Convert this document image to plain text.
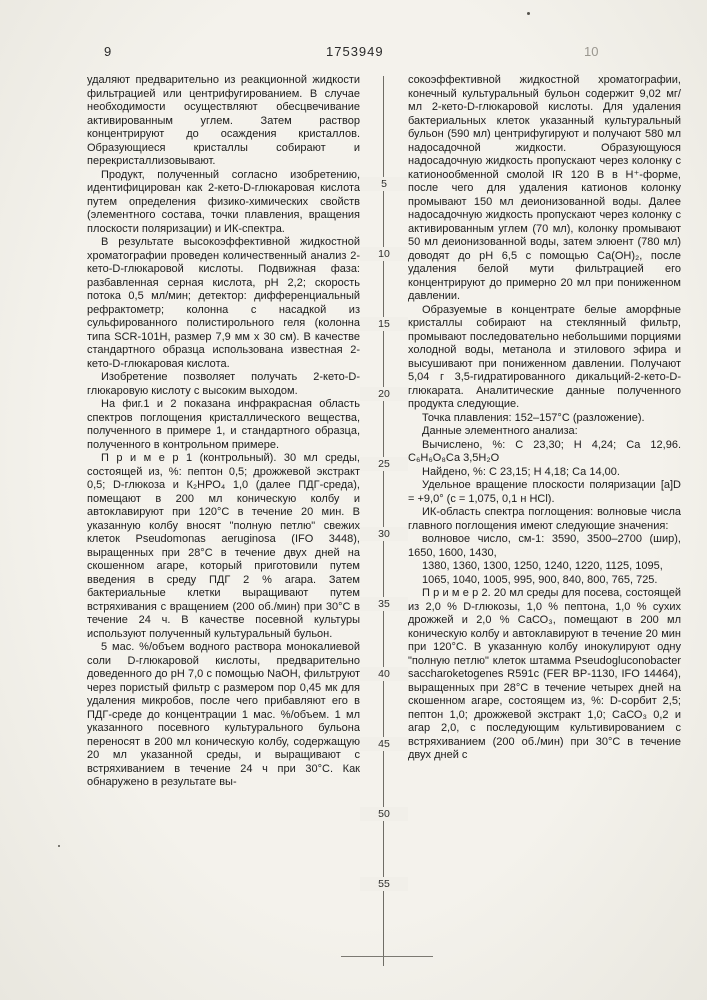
9	1753949	10

удаляют предварительно из реакционной жидкости фильтрацией или центрифугированием. В случае необходимости осуществляют обесцвечивание активированным углем. Затем раствор концентрируют до осаждения кристаллов. Образующиеся кристаллы собирают и перекристаллизовывают.

Продукт, полученный согласно изобретению, идентифицирован как 2-кето-D-глюкаровая кислота путем определения физико-химических свойств (элементного состава, точки плавления, вращения плоскости поляризации) и ИК-спектра.

В результате высокоэффективной жидкостной хроматографии проведен количественный анализ 2-кето-D-глюкаровой кислоты. Подвижная фаза: разбавленная серная кислота, рН 2,2; скорость потока 0,5 мл/мин; детектор: дифференциальный рефрактометр; колонна с насадкой из сульфированного полистирольного геля (колонна типа SCR-101Н, размер 7,9 мм х 30 см). В качестве стандартного образца использована известная 2-кето-D-глюкаровая кислота.

Изобретение позволяет получать 2-кето-D-глюкаровую кислоту с высоким выходом.

На фиг.1 и 2 показана инфракрасная область спектров поглощения кристаллического вещества, полученного в примере 1, и стандартного образца, полученного в контрольном примере.

П р и м е р 1 (контрольный). 30 мл среды, состоящей из, %: пептон 0,5; дрожжевой экстракт 0,5; D-глюкоза и К₂НРО₄ 1,0 (далее ПДГ-среда), помещают в 200 мл коническую колбу и автоклавируют при 120°С в течение 20 мин. В указанную колбу вносят "полную петлю" свежих клеток Pseudomonas aeruginosa (IFO 3448), выращенных при 28°С в течение двух дней на скошенном агаре, который приготовили путем введения в среду ПДГ 2 % агара. Затем бактериальные клетки выращивают путем встряхивания с вращением (200 об./мин) при 30°С в течение 24 ч. В качестве посевной культуры используют полученный культуральный бульон.

5 мас. %/объем водного раствора монокалиевой соли D-глюкаровой кислоты, предварительно доведенного до рН 7,0 с помощью NaOH, фильтруют через пористый фильтр с размером пор 0,45 мк для удаления микробов, после чего прибавляют его в ПДГ-среде до концентрации 1 мас. %/объем. 1 мл указанного посевного культурального бульона переносят в 200 мл коническую колбу, содержащую 20 мл указанной среды, и выращивают с встряхиванием в течение 24 ч при 30°С. Как обнаружено в результате вы-

5
10
15
20
25
30
35
40
45
50
55

сокоэффективной жидкостной хроматографии, конечный культуральный бульон содержит 9,02 мг/мл 2-кето-D-глюкаровой кислоты. Для удаления бактериальных клеток указанный культуральный бульон (590 мл) центрифугируют и получают 580 мл надосадочной жидкости. Образующуюся надосадочную жидкость пропускают через колонку с катионообменной смолой IR 120 В в Н⁺-форме, после чего для удаления катионов колонку промывают 150 мл деионизованной воды. Далее надосадочную жидкость пропускают через колонку с активированным углем (70 мл), колонку промывают 50 мл деионизованной воды, затем элюент (780 мл) доводят до рН 6,5 с помощью Са(ОН)₂, после удаления белой мути фильтрацией его концентрируют до примерно 20 мл при пониженном давлении.

Образуемые в концентрате белые аморфные кристаллы собирают на стеклянный фильтр, промывают последовательно небольшими порциями холодной воды, метанола и этилового эфира и высушивают при пониженном давлении. Получают 5,04 г 3,5-гидратированного дикальций-2-кето-D-глюкарата. Аналитические данные полученного продукта следующие.

Точка плавления: 152–157°С (разложение).

Данные элементного анализа:

Вычислено, %: С 23,30; Н 4,24; Са 12,96. С₆Н₆О₈Са 3,5Н₂О

Найдено, %: С 23,15; Н 4,18; Са 14,00.

Удельное вращение плоскости поляризации [а]D = +9,0° (с = 1,075, 0,1 н НСl).

ИК-область спектра поглощения: волновые числа главного поглощения имеют следующие значения:

волновое число, см-1: 3590, 3500–2700 (шир), 1650, 1600, 1430,

1380, 1360, 1300, 1250, 1240, 1220, 1125, 1095,

1065, 1040, 1005, 995, 900, 840, 800, 765, 725.

П р и м е р 2. 20 мл среды для посева, состоящей из 2,0 % D-глюкозы, 1,0 % пептона, 1,0 % сухих дрожжей и 2,0 % СаСО₃, помещают в 200 мл коническую колбу и автоклавируют в течение 20 мин при 120°С. В указанную колбу инокулируют одну "полную петлю" клеток штамма Pseudogluconobacter saccharoketogenes R591c (FER ВР-1130, IFO 14464), выращенных при 28°С в течение четырех дней на скошенном агаре, состоящем из, %: D-сорбит 2,5; пептон 1,0; дрожжевой экстракт 1,0; СаСО₃ 0,2 и агар 2,0, с последующим культивированием с встряхиванием (200 об./мин) при 30°С в течение двух дней с
